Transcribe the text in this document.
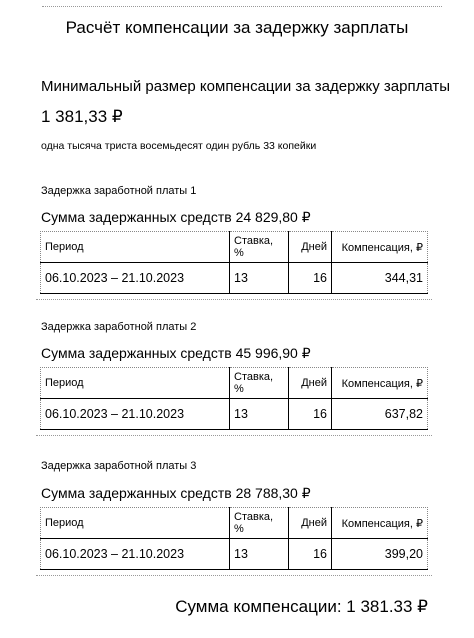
Расчёт компенсации за задержку зарплаты
Минимальный размер компенсации за задержку зарплаты
1 381,33 ₽
одна тысяча триста восемьдесят один рубль 33 копейки
Задержка заработной платы 1
Сумма задержанных средств 24 829,80 ₽
Период	Ставка, %	Дней	Компенсация, ₽
06.10.2023 – 21.10.2023	13	16	344,31
Задержка заработной платы 2
Сумма задержанных средств 45 996,90 ₽
Период	Ставка, %	Дней	Компенсация, ₽
06.10.2023 – 21.10.2023	13	16	637,82
Задержка заработной платы 3
Сумма задержанных средств 28 788,30 ₽
Период	Ставка, %	Дней	Компенсация, ₽
06.10.2023 – 21.10.2023	13	16	399,20
Сумма компенсации: 1 381.33 ₽
